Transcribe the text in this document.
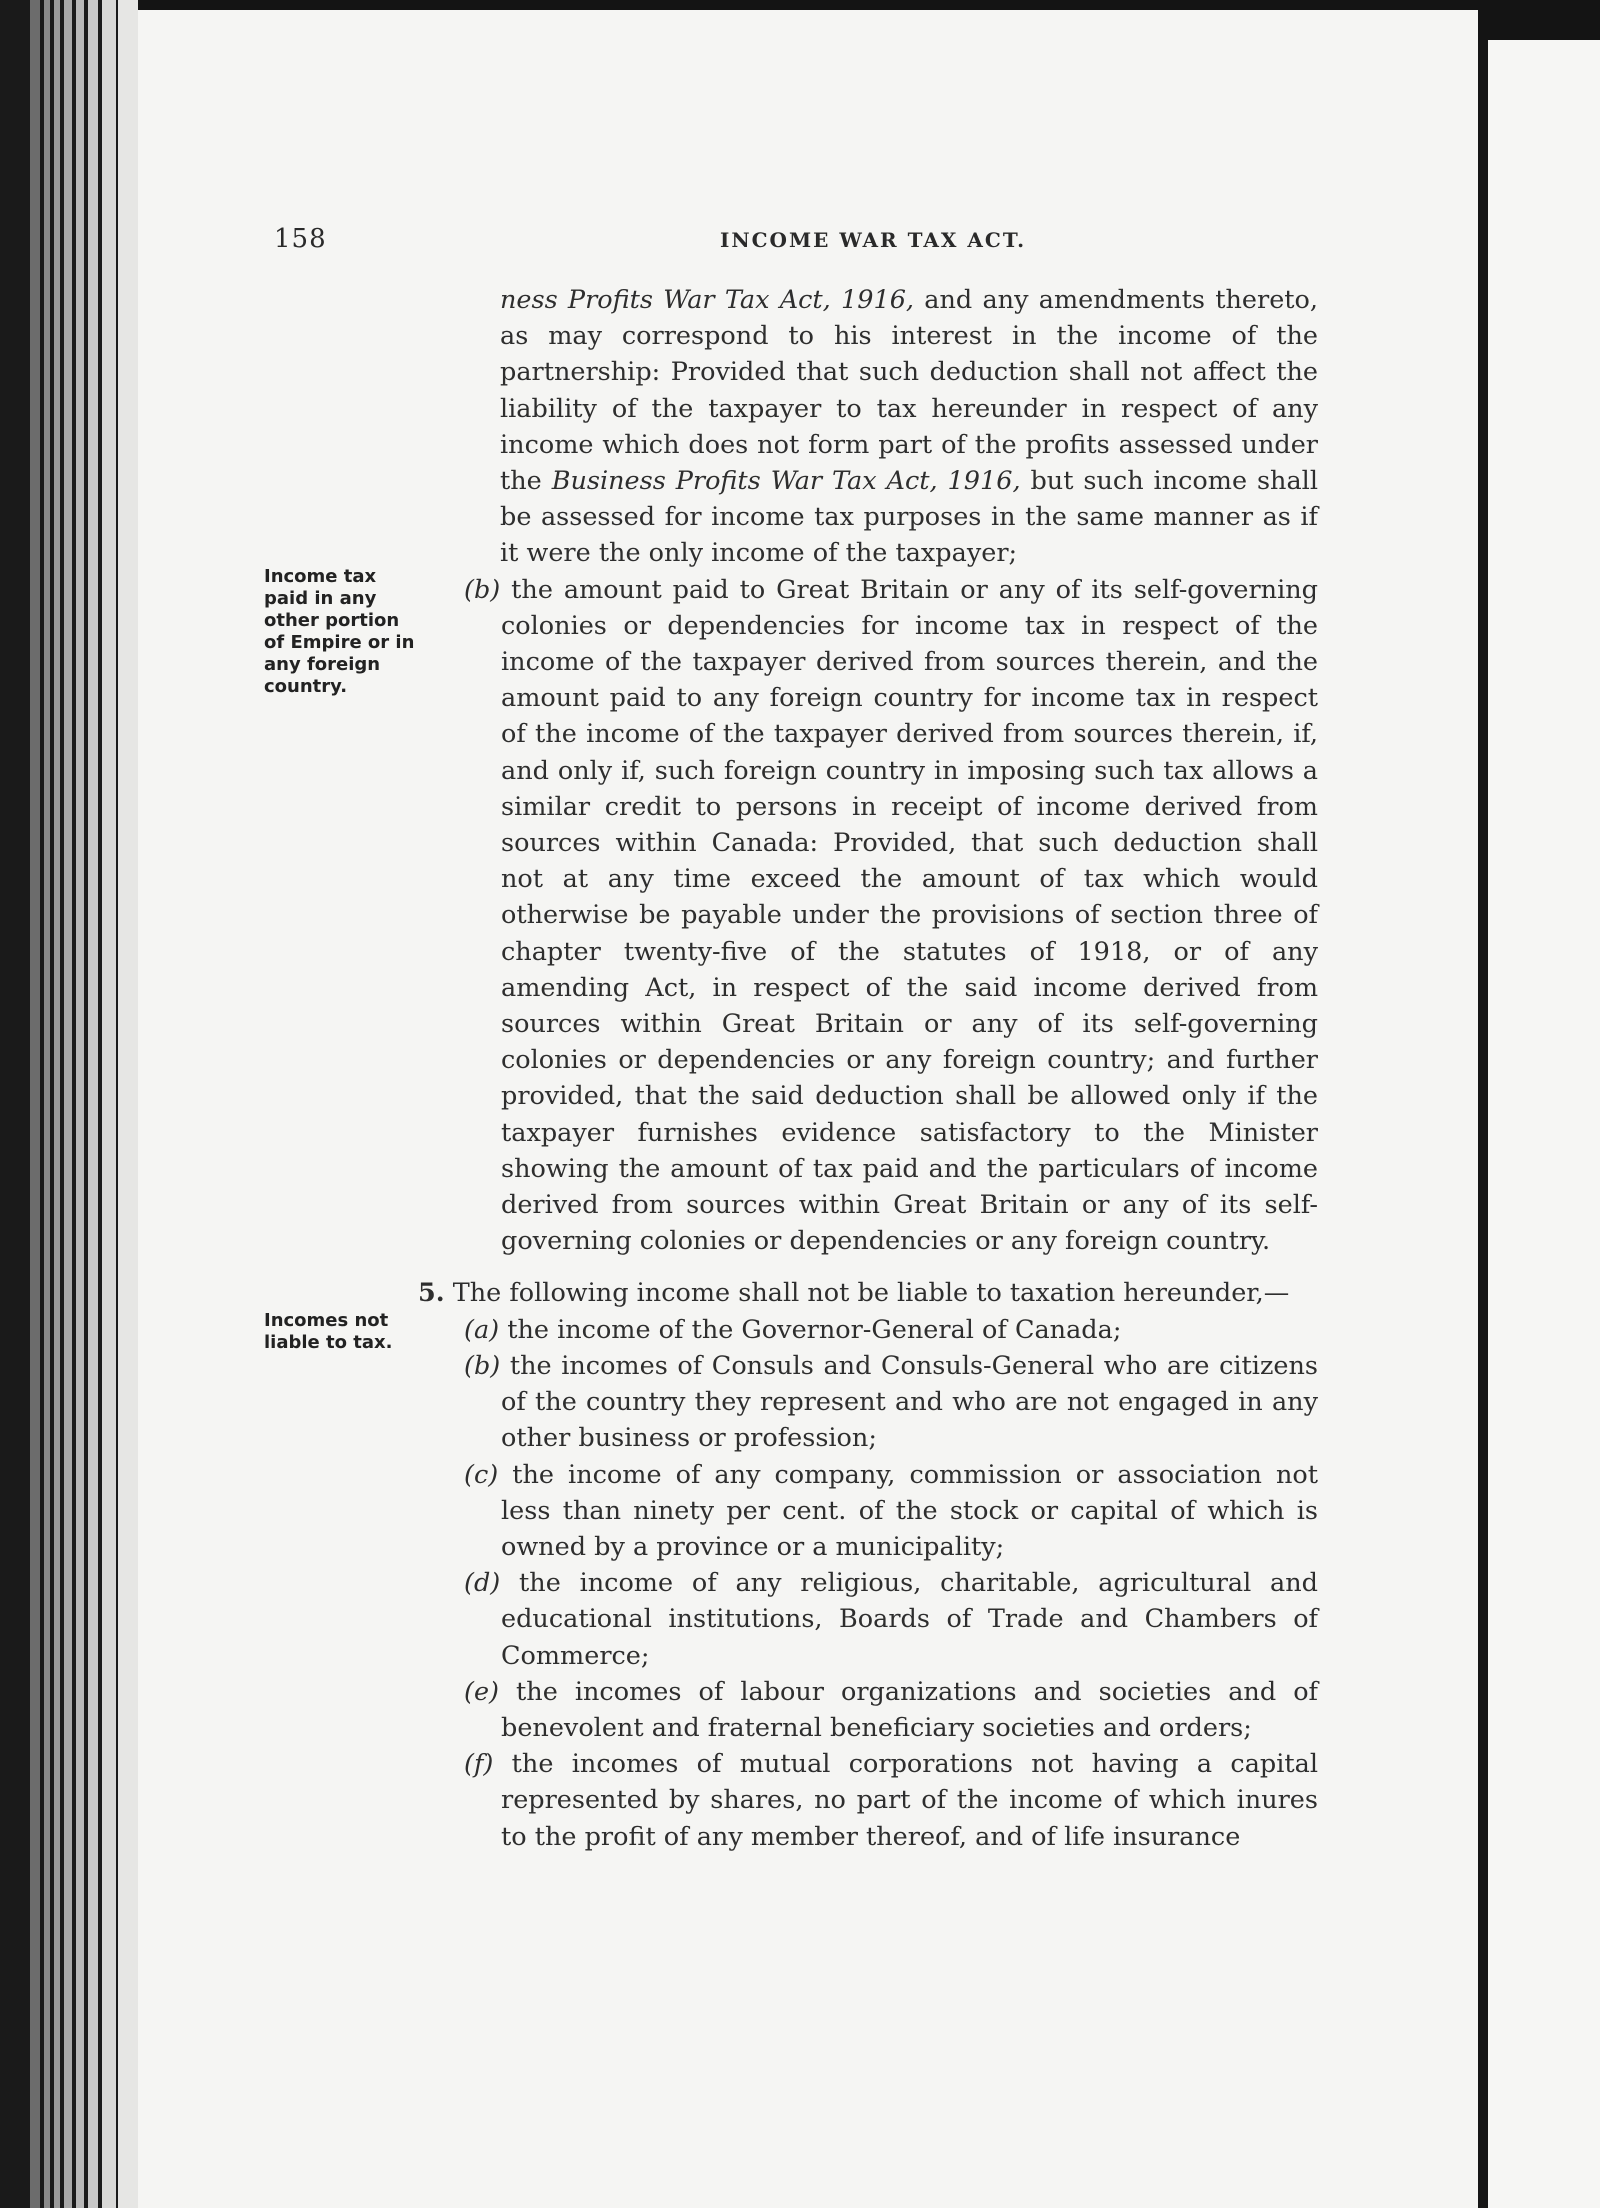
158	INCOME WAR TAX ACT.
Income tax paid in any other portion of Empire or in any foreign country.
Incomes not liable to tax.

ness Profits War Tax Act, 1916, and any amendments thereto, as may correspond to his interest in the income of the partnership: Provided that such deduction shall not affect the liability of the taxpayer to tax hereunder in respect of any income which does not form part of the profits assessed under the Business Profits War Tax Act, 1916, but such income shall be assessed for income tax purposes in the same manner as if it were the only income of the taxpayer;

(b) the amount paid to Great Britain or any of its self-governing colonies or dependencies for income tax in respect of the income of the taxpayer derived from sources therein, and the amount paid to any foreign country for income tax in respect of the income of the taxpayer derived from sources therein, if, and only if, such foreign country in imposing such tax allows a similar credit to persons in receipt of income derived from sources within Canada: Provided, that such deduction shall not at any time exceed the amount of tax which would otherwise be payable under the provisions of section three of chapter twenty-five of the statutes of 1918, or of any amending Act, in respect of the said income derived from sources within Great Britain or any of its self-governing colonies or dependencies or any foreign country; and further provided, that the said deduction shall be allowed only if the taxpayer furnishes evidence satisfactory to the Minister showing the amount of tax paid and the particulars of income derived from sources within Great Britain or any of its self-governing colonies or dependencies or any foreign country.

5. The following income shall not be liable to taxation hereunder,—

(a) the income of the Governor-General of Canada;

(b) the incomes of Consuls and Consuls-General who are citizens of the country they represent and who are not engaged in any other business or profession;

(c) the income of any company, commission or association not less than ninety per cent. of the stock or capital of which is owned by a province or a municipality;

(d) the income of any religious, charitable, agricultural and educational institutions, Boards of Trade and Chambers of Commerce;

(e) the incomes of labour organizations and societies and of benevolent and fraternal beneficiary societies and orders;

(f) the incomes of mutual corporations not having a capital represented by shares, no part of the income of which inures to the profit of any member thereof, and of life insurance
